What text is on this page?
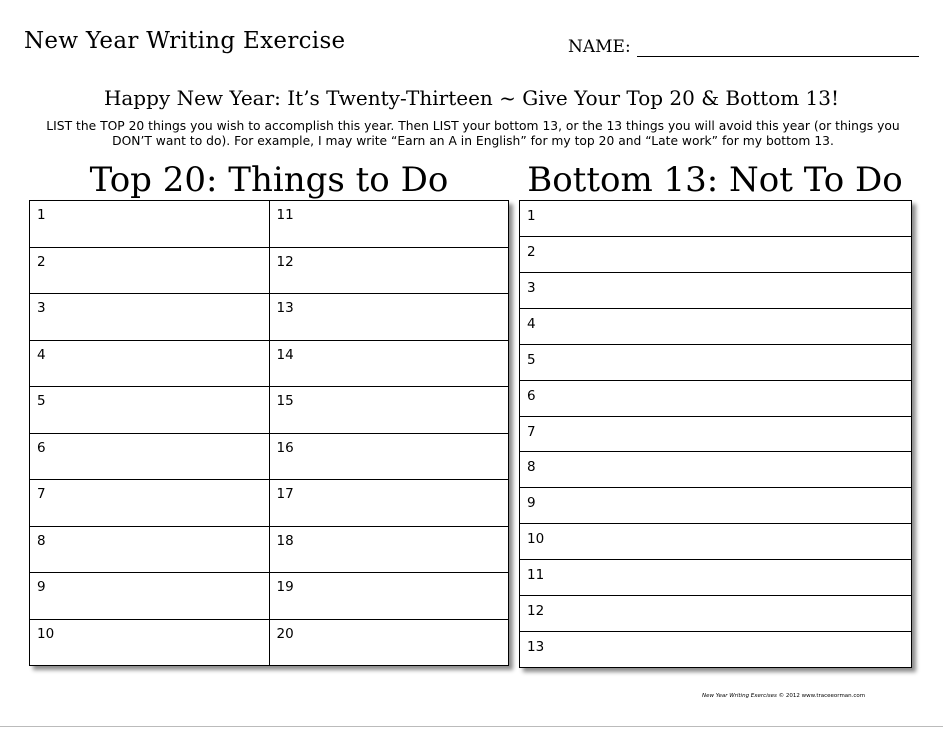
New Year Writing Exercise	NAME:
Happy New Year: It’s Twenty-Thirteen ~ Give Your Top 20 & Bottom 13!
LIST the TOP 20 things you wish to accomplish this year. Then LIST your bottom 13, or the 13 things you will avoid this year (or things you DON’T want to do). For example, I may write “Earn an A in English” for my top 20 and “Late work” for my bottom 13.
Top 20: Things to Do	Bottom 13: Not To Do
1
2
3
4
5
6
7
8
9
10
11
12
13
14
15
16
17
18
19
20
1
2
3
4
5
6
7
8
9
10
11
12
13
New Year Writing Exercises © 2012 www.traceeorman.com
